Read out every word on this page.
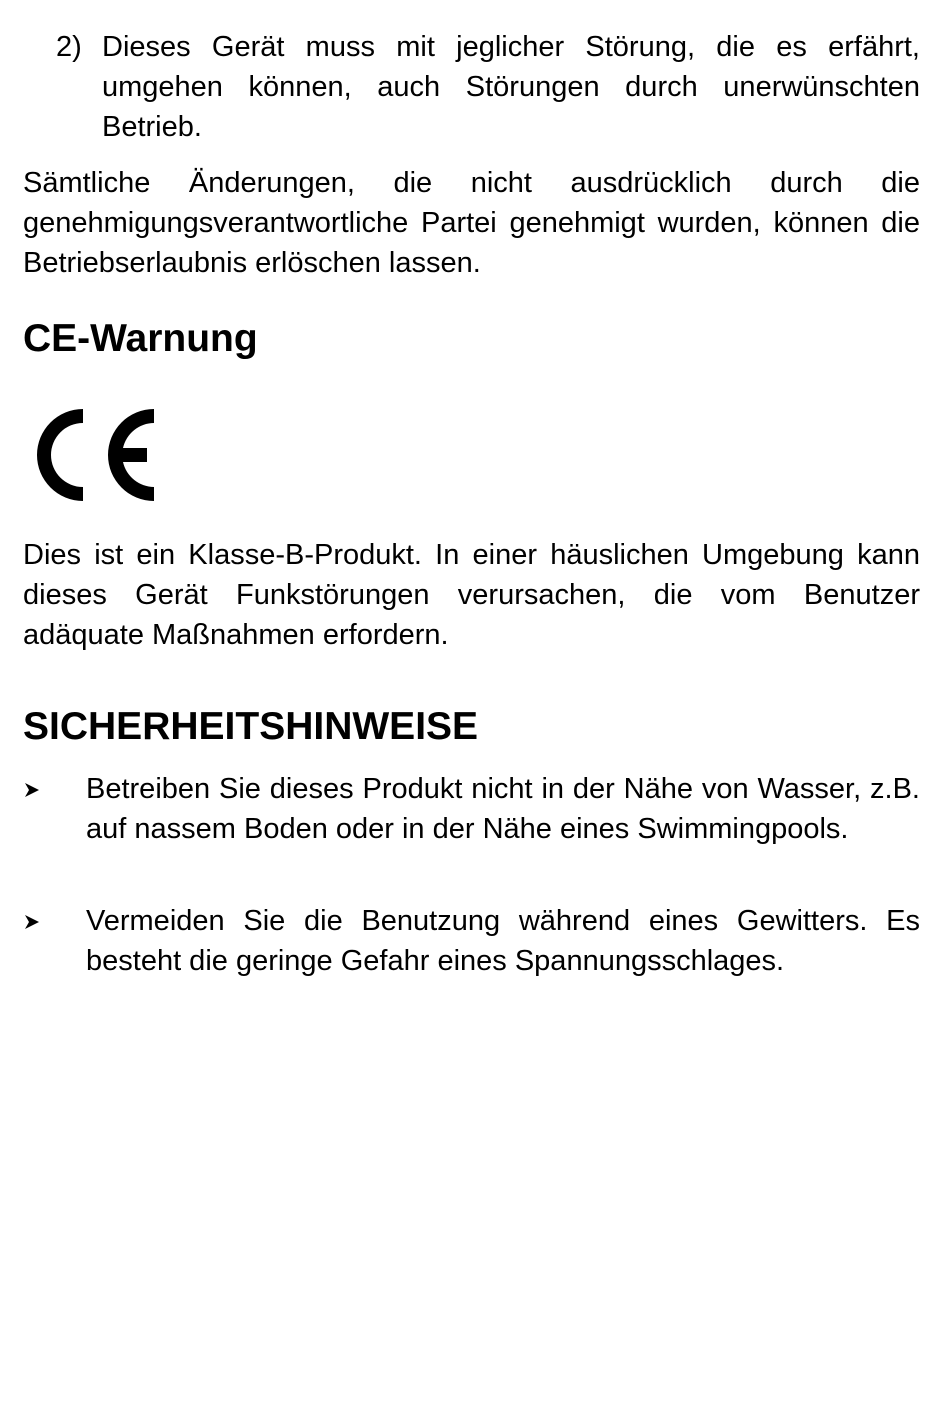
2) Dieses Gerät muss mit jeglicher Störung, die es erfährt, umgehen können, auch Störungen durch unerwünschten Betrieb.

Sämtliche Änderungen, die nicht ausdrücklich durch die genehmigungsverantwortliche Partei genehmigt wurden, können die Betriebserlaubnis erlöschen lassen.

CE-Warnung

Dies ist ein Klasse-B-Produkt. In einer häuslichen Umgebung kann dieses Gerät Funkstörungen verursachen, die vom Benutzer adäquate Maßnahmen erfordern.

SICHERHEITSHINWEISE

Betreiben Sie dieses Produkt nicht in der Nähe von Wasser, z.B. auf nassem Boden oder in der Nähe eines Swimmingpools.

Vermeiden Sie die Benutzung während eines Gewitters. Es besteht die geringe Gefahr eines Spannungsschlages.
